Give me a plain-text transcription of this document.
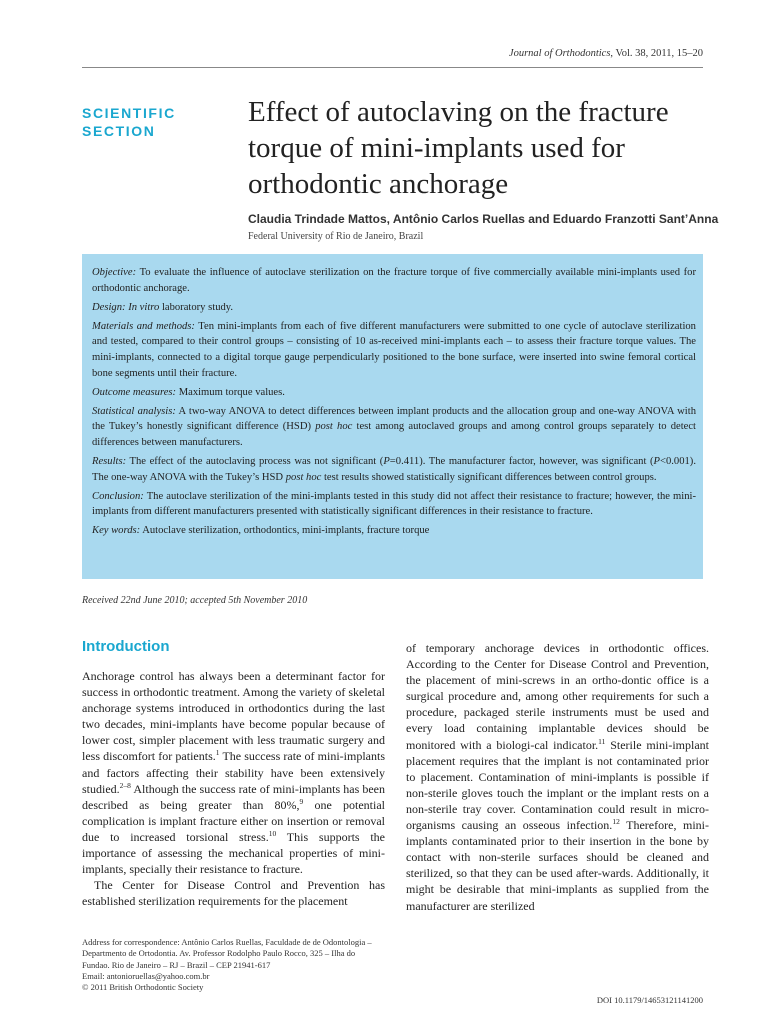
Journal of Orthodontics, Vol. 38, 2011, 15–20
SCIENTIFIC SECTION
Effect of autoclaving on the fracture torque of mini-implants used for orthodontic anchorage
Claudia Trindade Mattos, Antônio Carlos Ruellas and Eduardo Franzotti Sant’Anna
Federal University of Rio de Janeiro, Brazil

Objective: To evaluate the influence of autoclave sterilization on the fracture torque of five commercially available mini-implants used for orthodontic anchorage.

Design: In vitro laboratory study.

Materials and methods: Ten mini-implants from each of five different manufacturers were submitted to one cycle of autoclave sterilization and tested, compared to their control groups – consisting of 10 as-received mini-implants each – to assess their fracture torque values. The mini-implants, connected to a digital torque gauge perpendicularly positioned to the bone surface, were inserted into swine femoral cortical bone segments until their fracture.

Outcome measures: Maximum torque values.

Statistical analysis: A two-way ANOVA to detect differences between implant products and the allocation group and one-way ANOVA with the Tukey’s honestly significant difference (HSD) post hoc test among autoclaved groups and among control groups separately to detect differences between manufacturers.

Results: The effect of the autoclaving process was not significant (P=0.411). The manufacturer factor, however, was significant (P<0.001). The one-way ANOVA with the Tukey’s HSD post hoc test results showed statistically significant differences between control groups.

Conclusion: The autoclave sterilization of the mini-implants tested in this study did not affect their resistance to fracture; however, the mini-implants from different manufacturers presented with statistically significant differences in their resistance to fracture.

Key words: Autoclave sterilization, orthodontics, mini-implants, fracture torque

Received 22nd June 2010; accepted 5th November 2010
Introduction

Anchorage control has always been a determinant factor for success in orthodontic treatment. Among the variety of skeletal anchorage systems introduced in orthodontics during the last two decades, mini-implants have become popular because of lower cost, simpler placement with less traumatic surgery and less discomfort for patients.$^1$ The success rate of mini-implants and factors affecting their stability have been extensively studied.$^{2-8}$ Although the success rate of mini-implants has been described as being greater than 80%,$^9$ one potential complication is implant fracture either on insertion or removal due to increased torsional stress.$^{10}$ This supports the importance of assessing the mechanical properties of mini-implants, specially their resistance to fracture.

The Center for Disease Control and Prevention has established sterilization requirements for the placement

of temporary anchorage devices in orthodontic offices. According to the Center for Disease Control and Prevention, the placement of mini-screws in an ortho-dontic office is a surgical procedure and, among other requirements for such a procedure, packaged sterile instruments must be used and every load containing implantable devices should be monitored with a biologi-cal indicator.$^{11}$ Sterile mini-implant placement requires that the implant is not contaminated prior to placement. Contamination of mini-implants is possible if non-sterile gloves touch the implant or the implant rests on a non-sterile tray cover. Contamination could result in micro-organisms causing an osseous infection.$^{12}$ Therefore, mini-implants contaminated prior to their insertion in the bone by contact with non-sterile surfaces should be cleaned and sterilized, so that they can be used after-wards. Additionally, it might be desirable that mini-implants as supplied from the manufacturer are sterilized

Address for correspondence: Antônio Carlos Ruellas, Faculdade de de Odontologia – Departmento de Ortodontia. Av. Professor Rodolpho Paulo Rocco, 325 – Ilha do Fundao. Rio de Janeiro – RJ – Brazil – CEP 21941-617
Email: antonioruellas@yahoo.com.br
© 2011 British Orthodontic Society
DOI 10.1179/14653121141200
